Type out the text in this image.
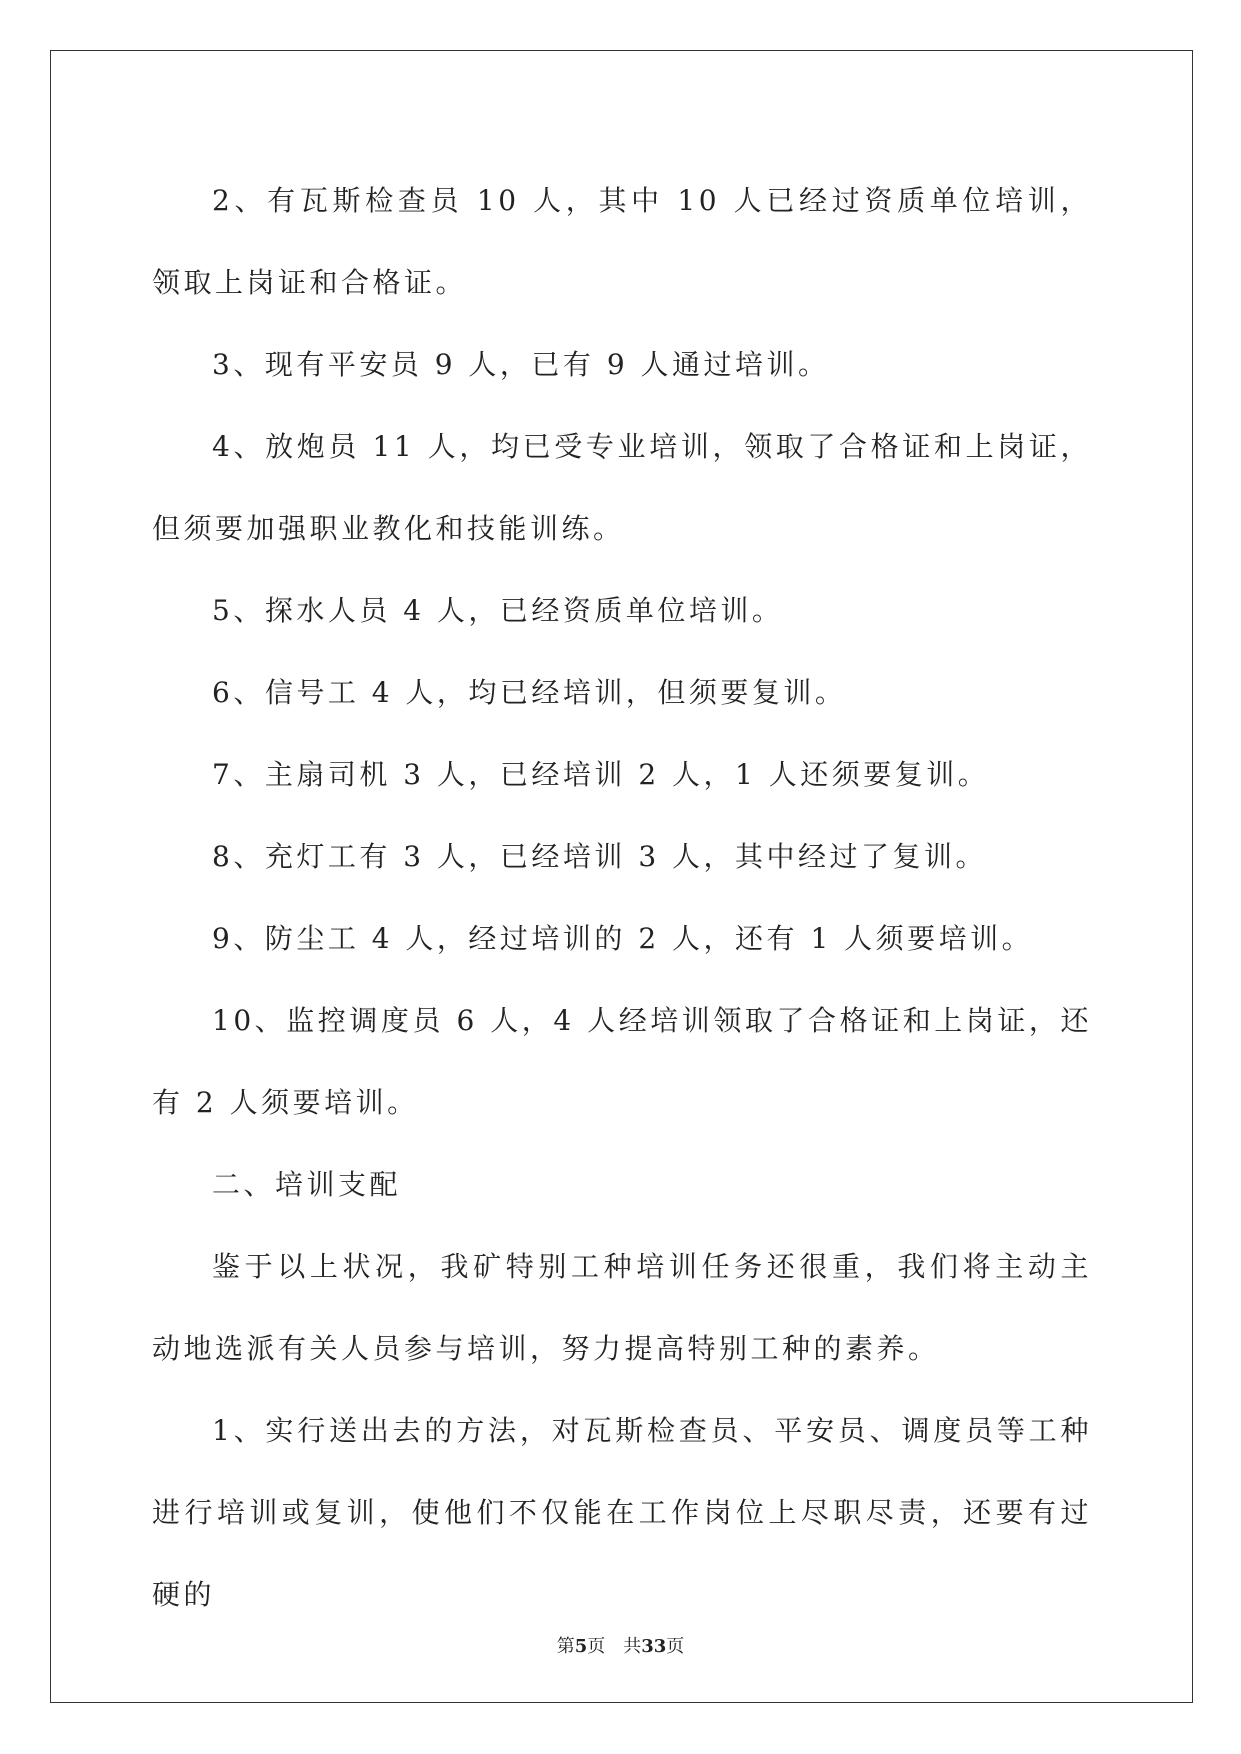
2、有瓦斯检查员 10 人，其中 10 人已经过资质单位培训，领取上岗证和合格证。

3、现有平安员 9 人，已有 9 人通过培训。

4、放炮员 11 人，均已受专业培训，领取了合格证和上岗证，但须要加强职业教化和技能训练。

5、探水人员 4 人，已经资质单位培训。

6、信号工 4 人，均已经培训，但须要复训。

7、主扇司机 3 人，已经培训 2 人，1 人还须要复训。

8、充灯工有 3 人，已经培训 3 人，其中经过了复训。

9、防尘工 4 人，经过培训的 2 人，还有 1 人须要培训。

10、监控调度员 6 人，4 人经培训领取了合格证和上岗证，还有 2 人须要培训。

二、培训支配

鉴于以上状况，我矿特别工种培训任务还很重，我们将主动主动地选派有关人员参与培训，努力提高特别工种的素养。

1、实行送出去的方法，对瓦斯检查员、平安员、调度员等工种进行培训或复训，使他们不仅能在工作岗位上尽职尽责，还要有过硬的

第5页　共33页
